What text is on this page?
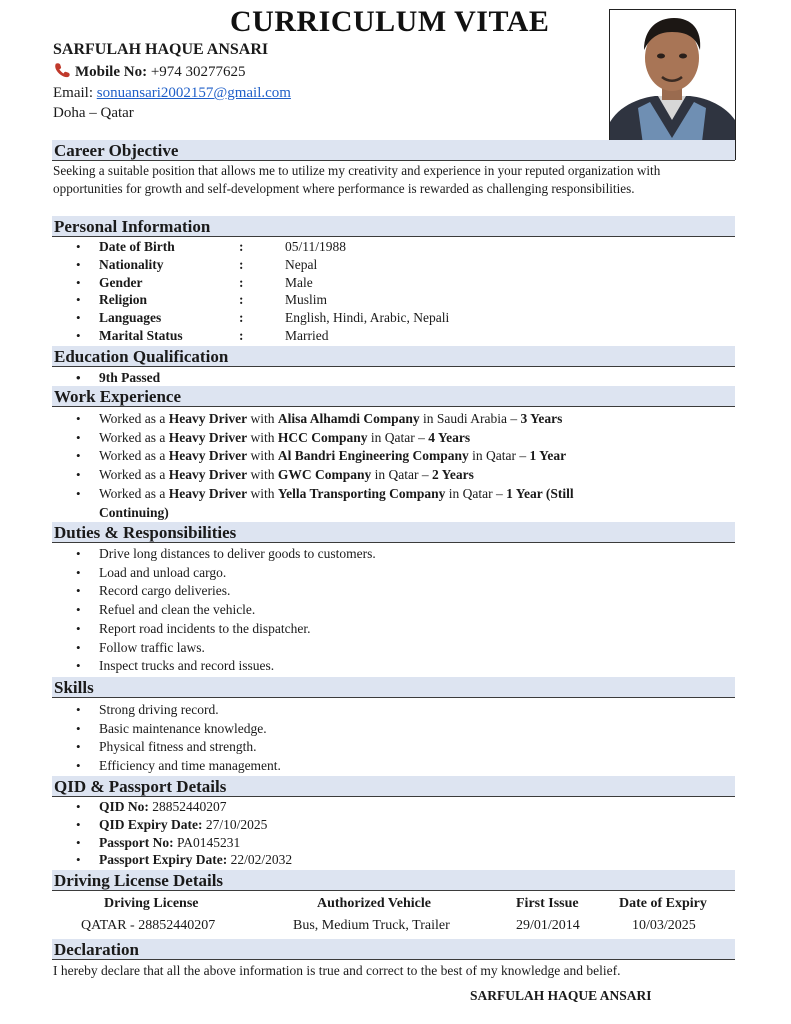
CURRICULUM VITAE
SARFULAH HAQUE ANSARI
Mobile No: +974 30277625
Email: sonuansari2002157@gmail.com
Doha – Qatar
Career Objective
Seeking a suitable position that allows me to utilize my creativity and experience in your reputed organization with opportunities for growth and self-development where performance is rewarded as challenging responsibilities.
Personal Information
• Date of Birth	:	05/11/1988
• Nationality	:	Nepal
• Gender	:	Male
• Religion	:	Muslim
• Languages	:	English, Hindi, Arabic, Nepali
• Marital Status	:	Married
Education Qualification
• 9th Passed
Work Experience
• Worked as a Heavy Driver with Alisa Alhamdi Company in Saudi Arabia – 3 Years
• Worked as a Heavy Driver with HCC Company in Qatar – 4 Years
• Worked as a Heavy Driver with Al Bandri Engineering Company in Qatar – 1 Year
• Worked as a Heavy Driver with GWC Company in Qatar – 2 Years
• Worked as a Heavy Driver with Yella Transporting Company in Qatar – 1 Year (Still
Continuing)
Duties & Responsibilities
• Drive long distances to deliver goods to customers.
• Load and unload cargo.
• Record cargo deliveries.
• Refuel and clean the vehicle.
• Report road incidents to the dispatcher.
• Follow traffic laws.
• Inspect trucks and record issues.
Skills
• Strong driving record.
• Basic maintenance knowledge.
• Physical fitness and strength.
• Efficiency and time management.
QID & Passport Details
• QID No: 28852440207
• QID Expiry Date: 27/10/2025
• Passport No: PA0145231
• Passport Expiry Date: 22/02/2032
Driving License Details
Driving License	Authorized Vehicle	First Issue	Date of Expiry
QATAR - 28852440207	Bus, Medium Truck, Trailer	29/01/2014	10/03/2025
Declaration
I hereby declare that all the above information is true and correct to the best of my knowledge and belief.
SARFULAH HAQUE ANSARI
